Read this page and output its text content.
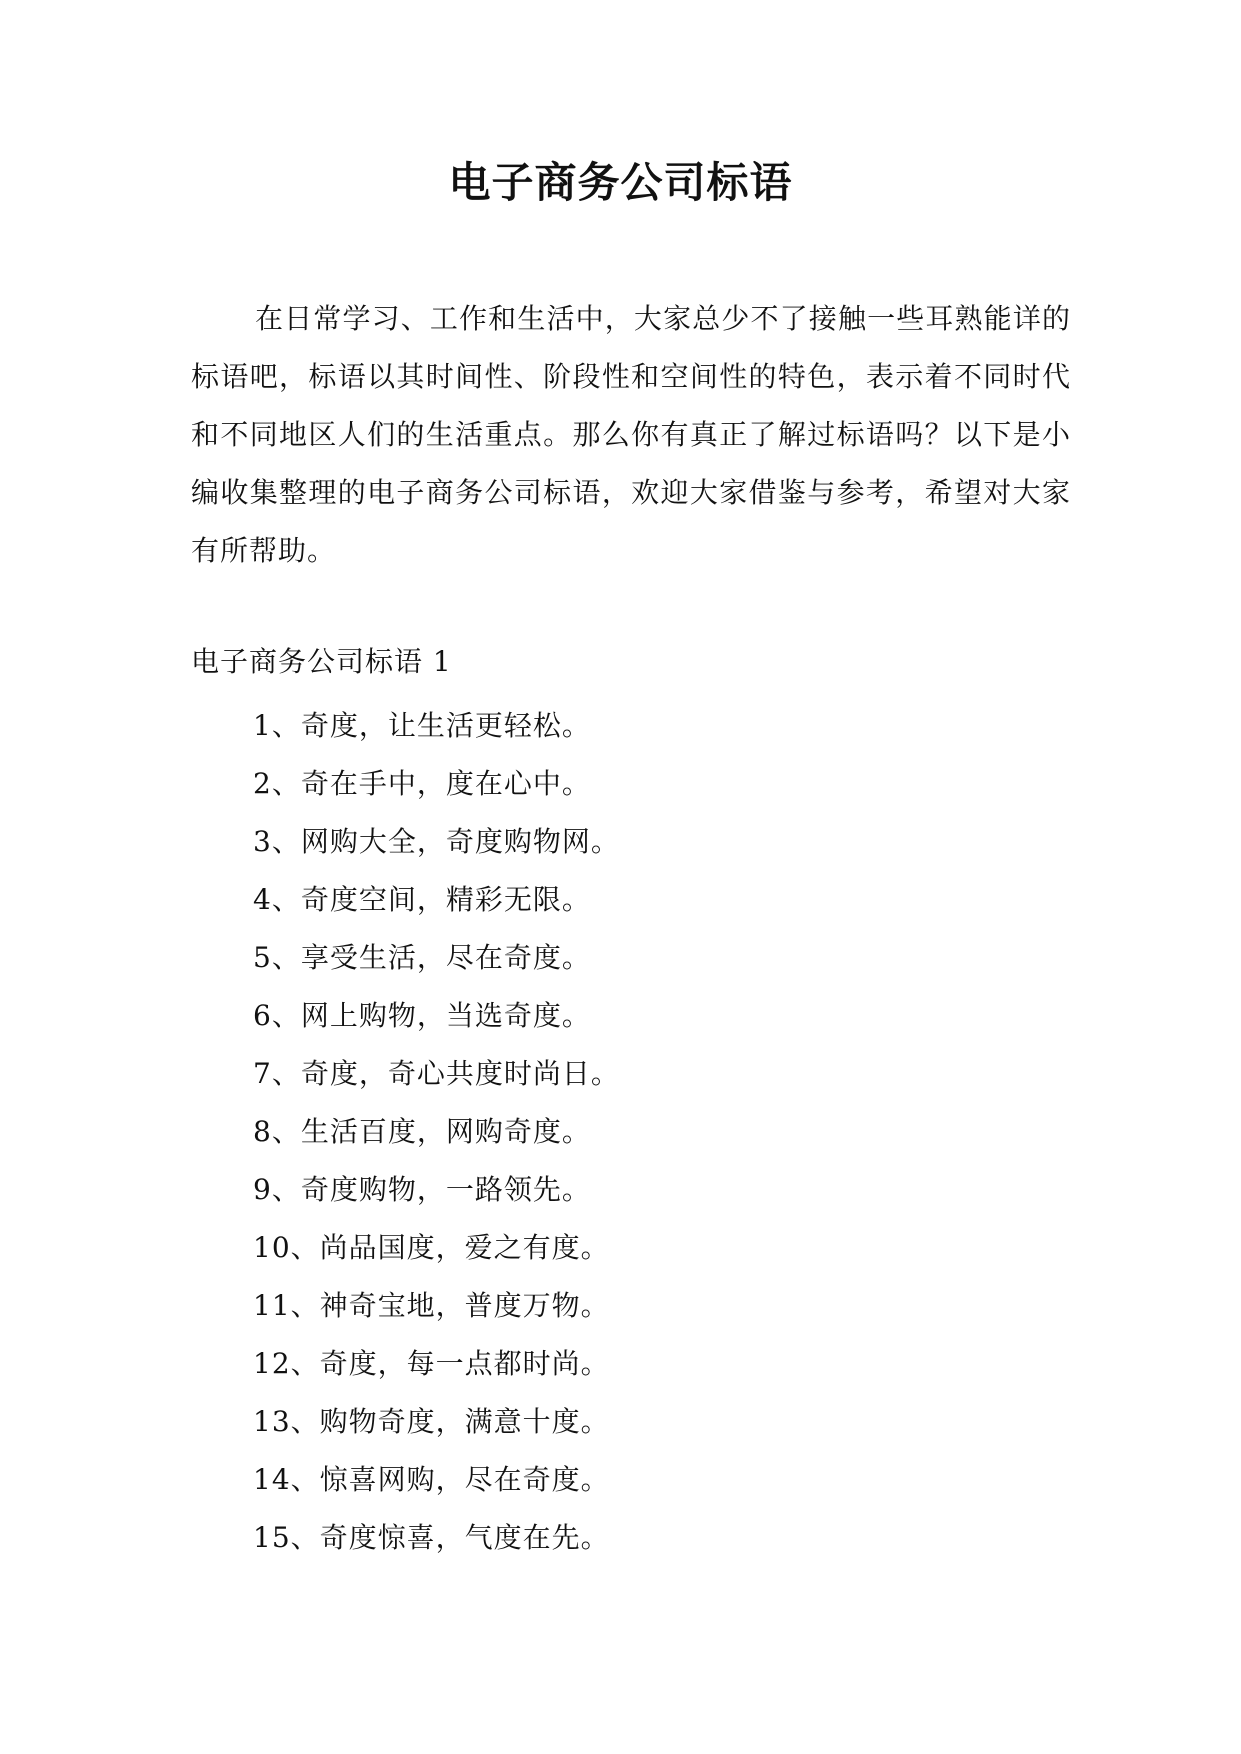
电子商务公司标语

在日常学习、工作和生活中，大家总少不了接触一些耳熟能详的标语吧，标语以其时间性、阶段性和空间性的特色，表示着不同时代和不同地区人们的生活重点。那么你有真正了解过标语吗？以下是小编收集整理的电子商务公司标语，欢迎大家借鉴与参考，希望对大家有所帮助。

电子商务公司标语 1

1、奇度，让生活更轻松。
2、奇在手中，度在心中。
3、网购大全，奇度购物网。
4、奇度空间，精彩无限。
5、享受生活，尽在奇度。
6、网上购物，当选奇度。
7、奇度，奇心共度时尚日。
8、生活百度，网购奇度。
9、奇度购物，一路领先。
10、尚品国度，爱之有度。
11、神奇宝地，普度万物。
12、奇度，每一点都时尚。
13、购物奇度，满意十度。
14、惊喜网购，尽在奇度。
15、奇度惊喜，气度在先。
